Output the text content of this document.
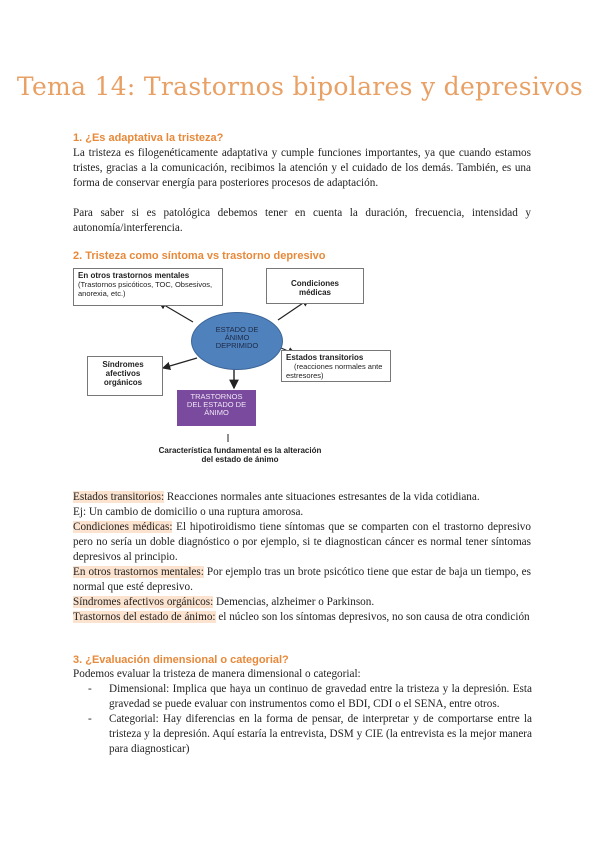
Tema 14: Trastornos bipolares y depresivos
1. ¿Es adaptativa la tristeza?
La tristeza es filogenéticamente adaptativa y cumple funciones importantes, ya que cuando estamos tristes, gracias a la comunicación, recibimos la atención y el cuidado de los demás. También, es una forma de conservar energía para posteriores procesos de adaptación.
Para saber si es patológica debemos tener en cuenta la duración, frecuencia, intensidad y autonomía/interferencia.
2. Tristeza como síntoma vs trastorno depresivo
En otros trastornos mentales
(Trastornos psicóticos, TOC, Obsesivos, anorexia, etc.)
Condiciones médicas
ESTADO DE ÁNIMO DEPRIMIDO
Síndromes afectivos orgánicos
Estados transitorios
(reacciones normales ante estresores)
TRASTORNOS DEL ESTADO DE ÁNIMO
Característica fundamental es la alteración del estado de ánimo
Estados transitorios: Reacciones normales ante situaciones estresantes de la vida cotidiana.
Ej: Un cambio de domicilio o una ruptura amorosa.
Condiciones médicas: El hipotiroidismo tiene síntomas que se comparten con el trastorno depresivo pero no sería un doble diagnóstico o por ejemplo, si te diagnostican cáncer es normal tener síntomas depresivos al principio.
En otros trastornos mentales: Por ejemplo tras un brote psicótico tiene que estar de baja un tiempo, es normal que esté depresivo.
Síndromes afectivos orgánicos: Demencias, alzheimer o Parkinson.
Trastornos del estado de ánimo: el núcleo son los síntomas depresivos, no son causa de otra condición
3. ¿Evaluación dimensional o categorial?
Podemos evaluar la tristeza de manera dimensional o categorial:
- Dimensional: Implica que haya un continuo de gravedad entre la tristeza y la depresión. Esta gravedad se puede evaluar con instrumentos como el BDI, CDI o el SENA, entre otros.
- Categorial: Hay diferencias en la forma de pensar, de interpretar y de comportarse entre la tristeza y la depresión. Aquí estaría la entrevista, DSM y CIE (la entrevista es la mejor manera para diagnosticar)
